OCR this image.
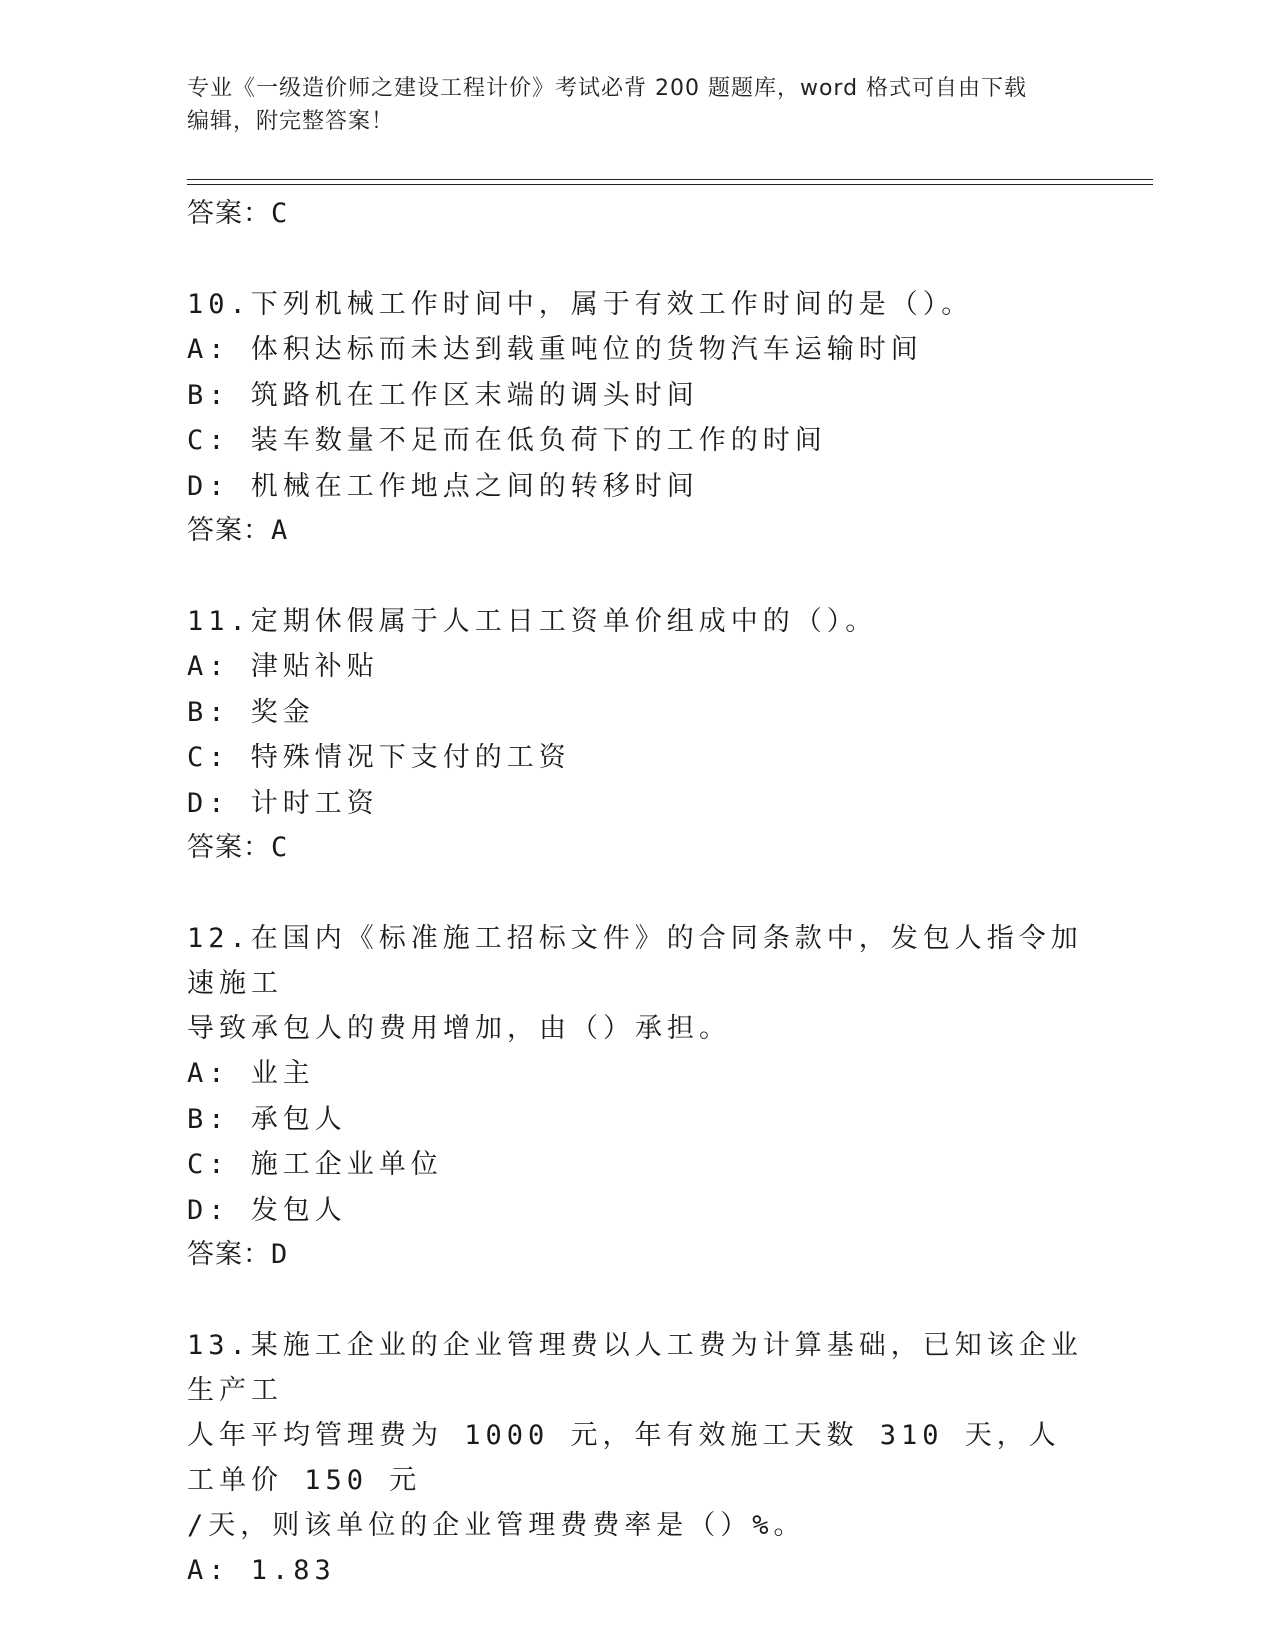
专业《一级造价师之建设工程计价》考试必背 200 题题库，word 格式可自由下载
编辑，附完整答案！

答案：C

10.下列机械工作时间中，属于有效工作时间的是（）。

A: 体积达标而未达到载重吨位的货物汽车运输时间

B: 筑路机在工作区末端的调头时间

C: 装车数量不足而在低负荷下的工作的时间

D: 机械在工作地点之间的转移时间

答案：A

11.定期休假属于人工日工资单价组成中的（）。

A: 津贴补贴

B: 奖金

C: 特殊情况下支付的工资

D: 计时工资

答案：C

12.在国内《标准施工招标文件》的合同条款中，发包人指令加速施工

导致承包人的费用增加，由（）承担。

A: 业主

B: 承包人

C: 施工企业单位

D: 发包人

答案：D

13.某施工企业的企业管理费以人工费为计算基础，已知该企业生产工

人年平均管理费为 1000 元，年有效施工天数 310 天，人工单价 150 元

/天，则该单位的企业管理费费率是（）%。

A: 1.83
